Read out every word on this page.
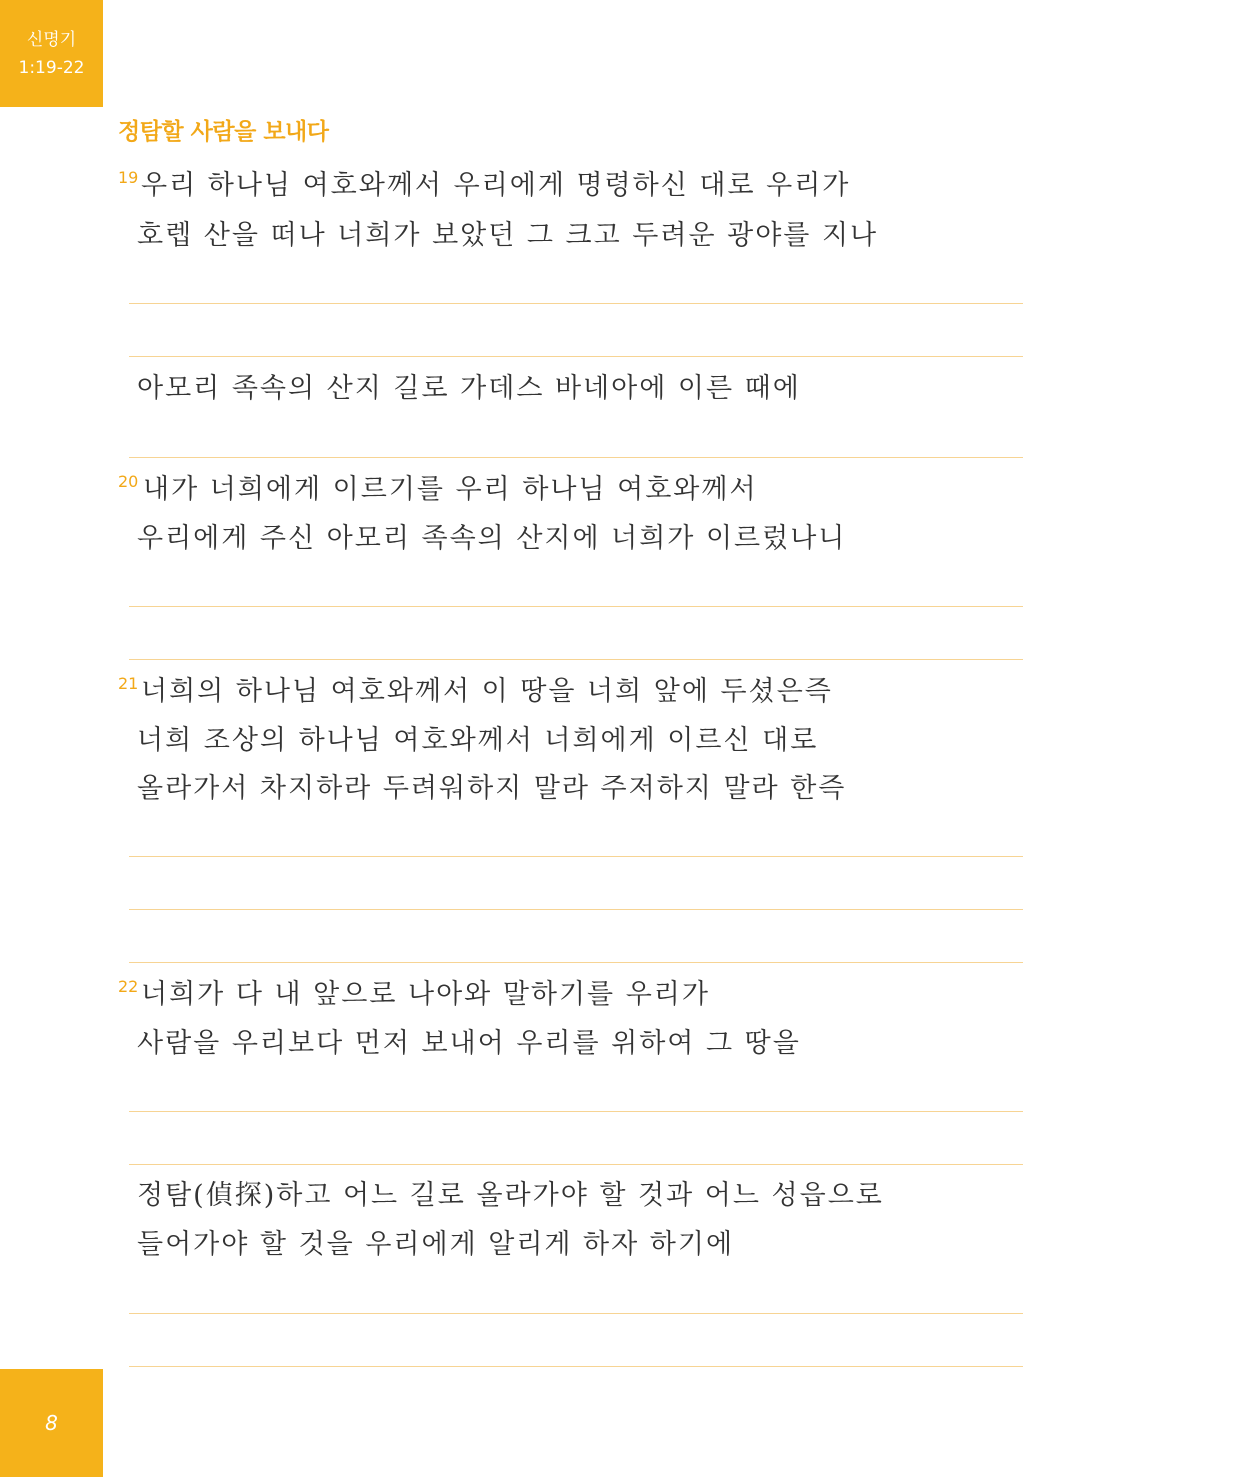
신명기
1:19-22
정탐할 사람을 보내다
19 우리 하나님 여호와께서 우리에게 명령하신 대로 우리가
호렙 산을 떠나 너희가 보았던 그 크고 두려운 광야를 지나
아모리 족속의 산지 길로 가데스 바네아에 이른 때에
20 내가 너희에게 이르기를 우리 하나님 여호와께서
우리에게 주신 아모리 족속의 산지에 너희가 이르렀나니
21 너희의 하나님 여호와께서 이 땅을 너희 앞에 두셨은즉
너희 조상의 하나님 여호와께서 너희에게 이르신 대로
올라가서 차지하라 두려워하지 말라 주저하지 말라 한즉
22 너희가 다 내 앞으로 나아와 말하기를 우리가
사람을 우리보다 먼저 보내어 우리를 위하여 그 땅을
정탐(偵探)하고 어느 길로 올라가야 할 것과 어느 성읍으로
들어가야 할 것을 우리에게 알리게 하자 하기에
8
